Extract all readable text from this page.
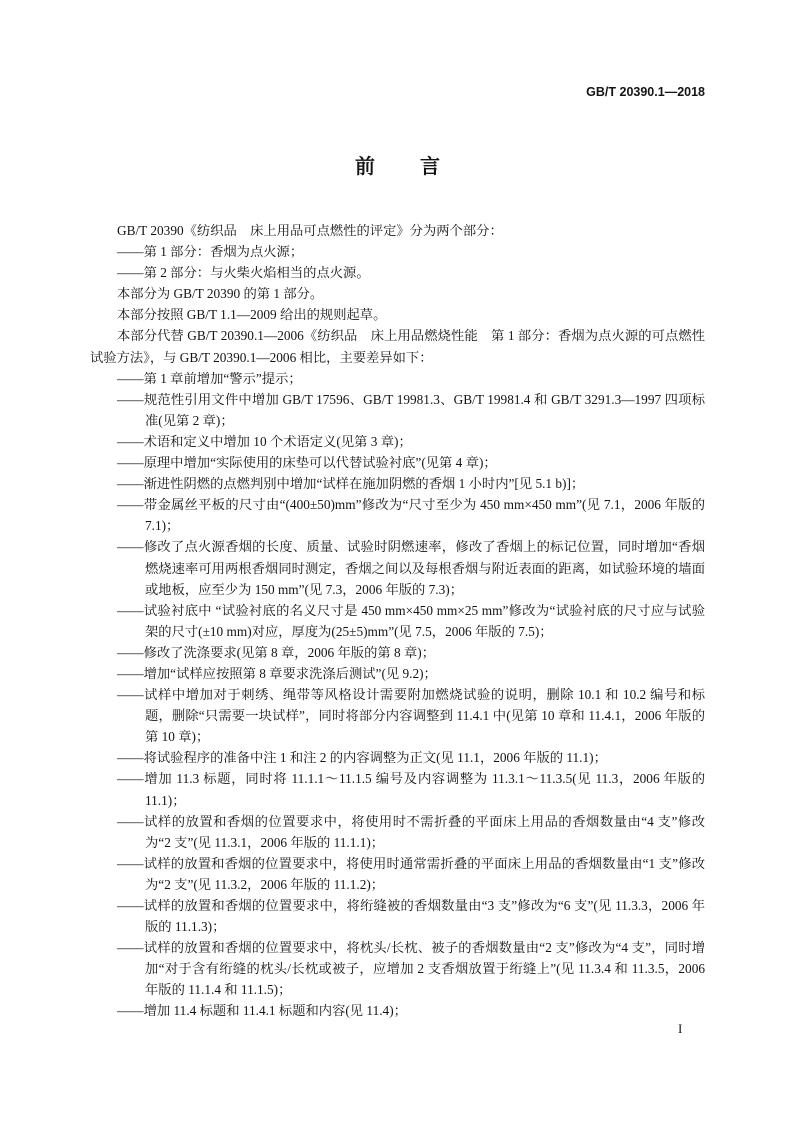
GB/T 20390.1—2018
前言

GB/T 20390《纺织品　床上用品可点燃性的评定》分为两个部分：

——第 1 部分：香烟为点火源；

——第 2 部分：与火柴火焰相当的点火源。

本部分为 GB/T 20390 的第 1 部分。

本部分按照 GB/T 1.1—2009 给出的规则起草。

本部分代替 GB/T 20390.1—2006《纺织品　床上用品燃烧性能　第 1 部分：香烟为点火源的可点燃性试验方法》，与 GB/T 20390.1—2006 相比，主要差异如下：

——第 1 章前增加“警示”提示；

——规范性引用文件中增加 GB/T 17596、GB/T 19981.3、GB/T 19981.4 和 GB/T 3291.3—1997 四项标准(见第 2 章)；

——术语和定义中增加 10 个术语定义(见第 3 章)；

——原理中增加“实际使用的床垫可以代替试验衬底”(见第 4 章)；

——渐进性阴燃的点燃判别中增加“试样在施加阴燃的香烟 1 小时内”[见 5.1 b)]；

——带金属丝平板的尺寸由“(400±50)mm”修改为“尺寸至少为 450 mm×450 mm”(见 7.1，2006 年版的 7.1)；

——修改了点火源香烟的长度、质量、试验时阴燃速率，修改了香烟上的标记位置，同时增加“香烟燃烧速率可用两根香烟同时测定，香烟之间以及每根香烟与附近表面的距离，如试验环境的墙面或地板，应至少为 150 mm”(见 7.3，2006 年版的 7.3)；

——试验衬底中 “试验衬底的名义尺寸是 450 mm×450 mm×25 mm”修改为“试验衬底的尺寸应与试验架的尺寸(±10 mm)对应，厚度为(25±5)mm”(见 7.5，2006 年版的 7.5)；

——修改了洗涤要求(见第 8 章，2006 年版的第 8 章)；

——增加“试样应按照第 8 章要求洗涤后测试”(见 9.2)；

——试样中增加对于刺绣、绳带等风格设计需要附加燃烧试验的说明，删除 10.1 和 10.2 编号和标题，删除“只需要一块试样”，同时将部分内容调整到 11.4.1 中(见第 10 章和 11.4.1，2006 年版的第 10 章)；

——将试验程序的准备中注 1 和注 2 的内容调整为正文(见 11.1，2006 年版的 11.1)；

——增加 11.3 标题，同时将 11.1.1～11.1.5 编号及内容调整为 11.3.1～11.3.5(见 11.3，2006 年版的 11.1)；

——试样的放置和香烟的位置要求中，将使用时不需折叠的平面床上用品的香烟数量由“4 支”修改为“2 支”(见 11.3.1，2006 年版的 11.1.1)；

——试样的放置和香烟的位置要求中，将使用时通常需折叠的平面床上用品的香烟数量由“1 支”修改为“2 支”(见 11.3.2，2006 年版的 11.1.2)；

——试样的放置和香烟的位置要求中，将绗缝被的香烟数量由“3 支”修改为“6 支”(见 11.3.3，2006 年版的 11.1.3)；

——试样的放置和香烟的位置要求中，将枕头/长枕、被子的香烟数量由“2 支”修改为“4 支”，同时增加“对于含有绗缝的枕头/长枕或被子，应增加 2 支香烟放置于绗缝上”(见 11.3.4 和 11.3.5，2006 年版的 11.1.4 和 11.1.5)；

——增加 11.4 标题和 11.4.1 标题和内容(见 11.4)；

I
